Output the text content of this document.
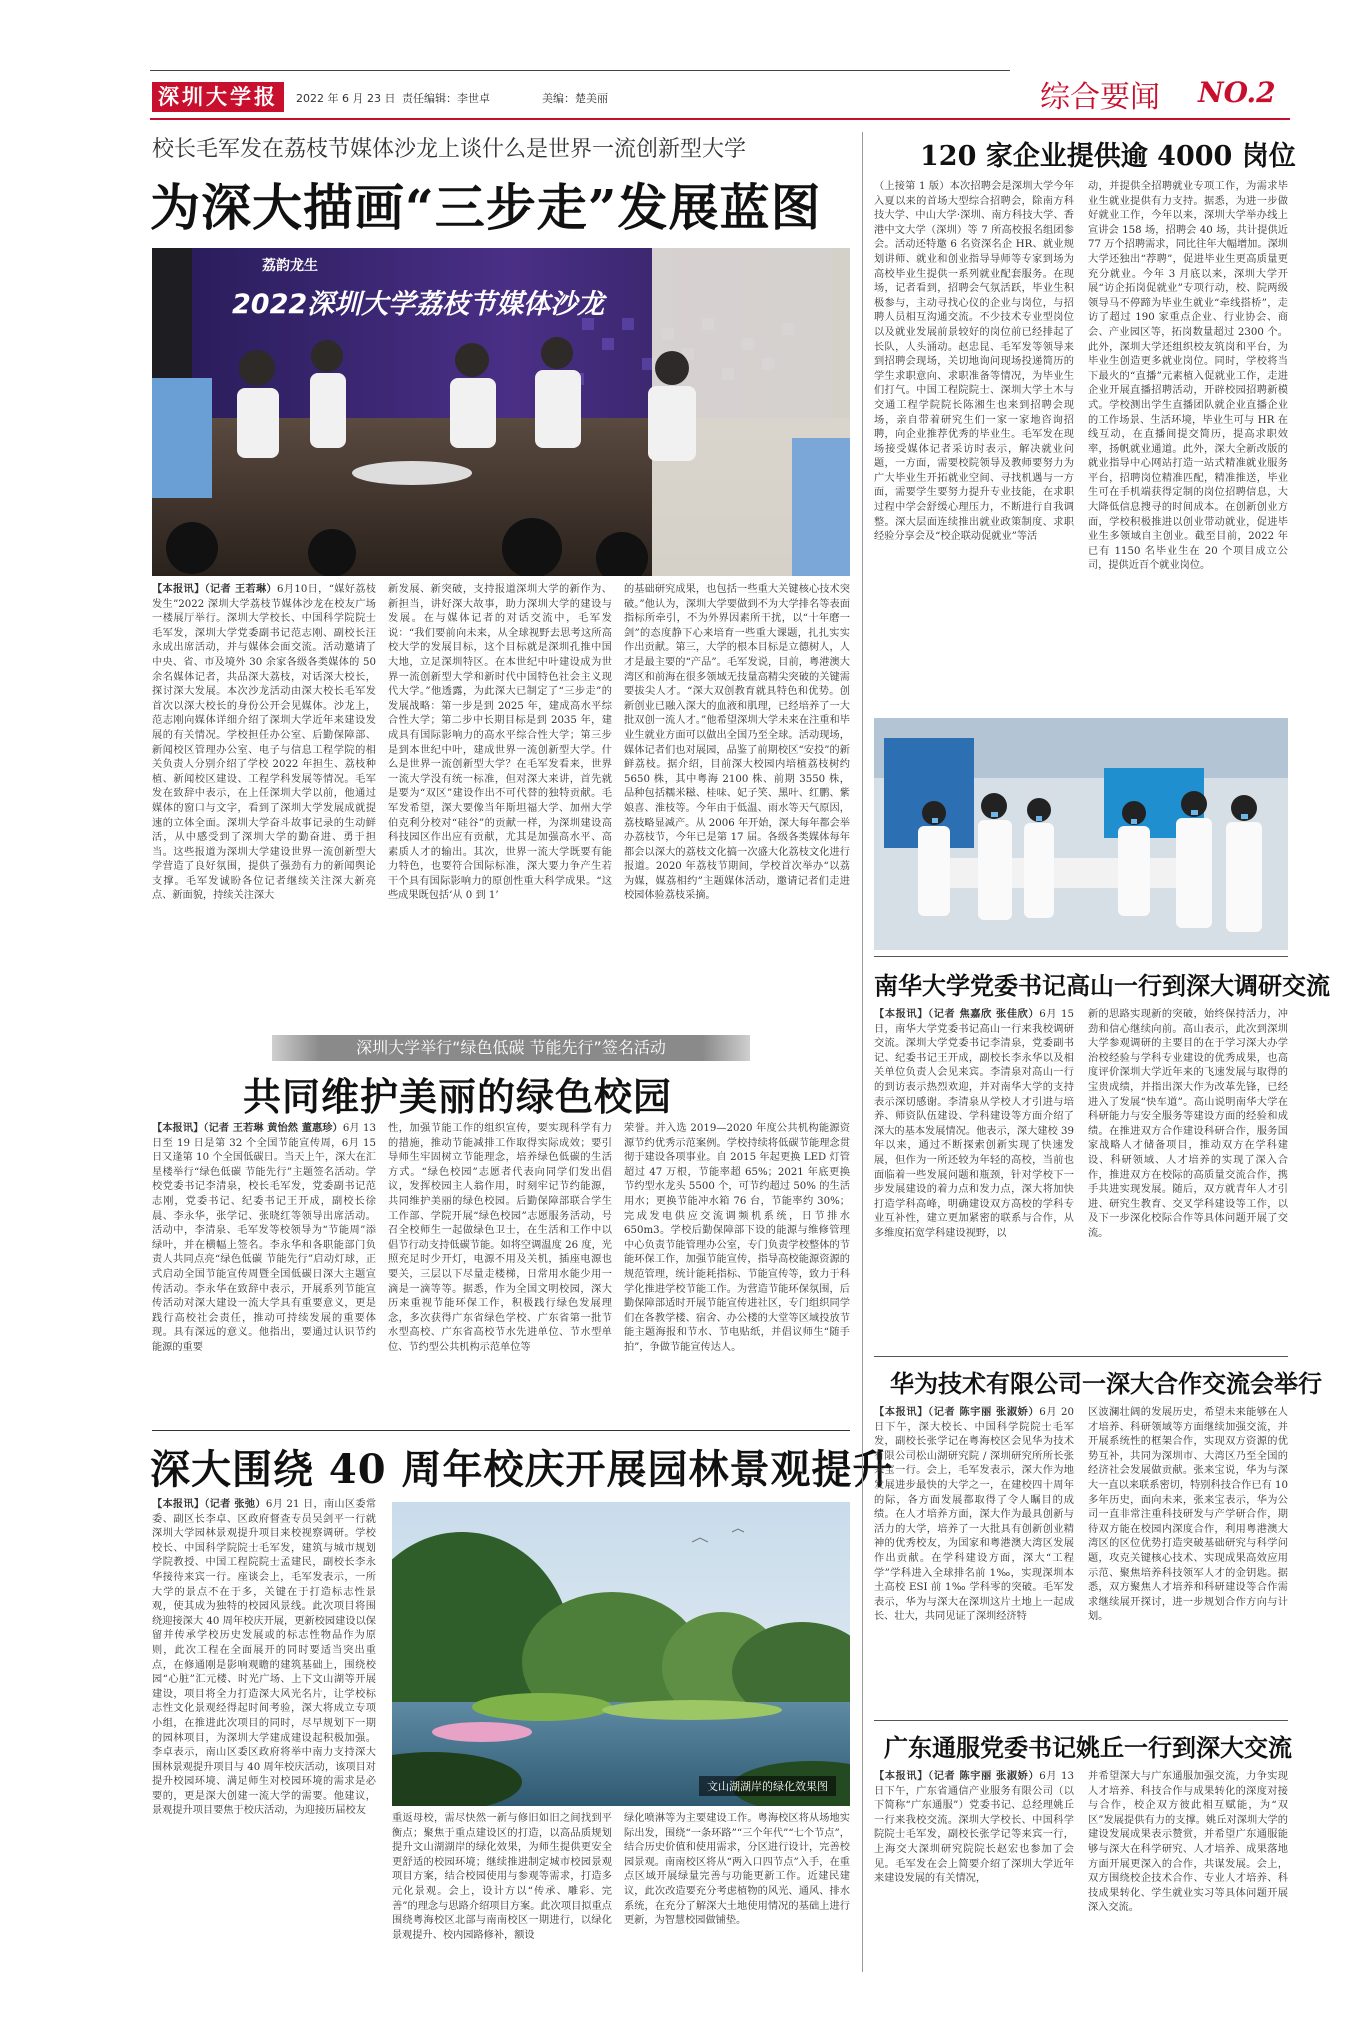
深圳大学报	2022 年 6 月 23 日 责任编辑：李世卓	美编：楚美丽	综合要闻 NO.2
校长毛军发在荔枝节媒体沙龙上谈什么是世界一流创新型大学
为深大描画“三步走”发展蓝图
2022深圳大学荔枝节媒体沙龙
荔韵龙生
【本报讯】（记者 王若琳）6月10日，“媒好荔枝发生”2022 深圳大学荔枝节媒体沙龙在校友广场一楼展厅举行。深圳大学校长、中国科学院院士毛军发，深圳大学党委副书记范志刚、副校长汪永成出席活动，并与媒体会面交流。活动邀请了中央、省、市及境外 30 余家各级各类媒体的 50 余名媒体记者，共品深大荔枝，对话深大校长，探讨深大发展。本次沙龙活动由深大校长毛军发首次以深大校长的身份公开会见媒体。沙龙上，范志刚向媒体详细介绍了深圳大学近年来建设发展的有关情况。学校担任办公室、后勤保障部、新闻校区管理办公室、电子与信息工程学院的相关负责人分别介绍了学校 2022 年担生、荔枝种植、新闻校区建设、工程学科发展等情况。毛军发在致辞中表示，在上任深圳大学以前，他通过媒体的窗口与文字，看到了深圳大学发展成就提速的立体全面。深圳大学奋斗故事记录的生动鲜活，从中感受到了深圳大学的勤奋进、勇于担当。这些报道为深圳大学建设世界一流创新型大学营造了良好氛围，提供了强劲有力的新闻舆论支撑。毛军发诚盼各位记者继续关注深大新亮点、新面貌，持续关注深大
新发展、新突破，支持报道深圳大学的新作为、新担当，讲好深大故事，助力深圳大学的建设与发展。在与媒体记者的对话交流中，毛军发说：“我们要前向未来，从全球视野去思考这所高校大学的发展目标，这个目标就是深圳孔推中国大地，立足深圳特区。在本世纪中叶建设成为世界一流创新型大学和新时代中国特色社会主义现代大学。”他透露，为此深大已制定了“三步走”的发展战略：第一步是到 2025 年，建成高水平综合性大学；第二步中长期目标是到 2035 年，建成具有国际影响力的高水平综合性大学；第三步是到本世纪中叶，建成世界一流创新型大学。什么是世界一流创新型大学？在毛军发看来，世界一流大学没有统一标准，但对深大来讲，首先就是要为“双区”建设作出不可代替的独特贡献。毛军发希望，深大要像当年斯坦福大学、加州大学伯克利分校对“硅谷”的贡献一样，为深圳建设高科技园区作出应有贡献，尤其是加强高水平、高素质人才的输出。其次，世界一流大学既要有能力特色，也要符合国际标准，深大要力争产生若干个具有国际影响力的原创性重大科学成果。“这些成果既包括‘从 0 到 1’
的基础研究成果，也包括一些重大关键核心技术突破。”他认为，深圳大学要做到不为大学排名等表面指标所牵引，不为外界因素所干扰，以“十年磨一剑”的态度静下心来培育一些重大课题，扎扎实实作出贡献。第三，大学的根本目标是立德树人，人才是最主要的“产品”。毛军发说，目前，粤港澳大湾区和前海在很多领域无技量高精尖突破的关键需要拔尖人才。“深大双创教育就具特色和优势。创新创业已融入深大的血液和肌理，已经培养了一大批双创一流人才。”他希望深圳大学未来在注重和毕业生就业方面可以做出全国乃至全球。活动现场，媒体记者们也对展园，品鉴了前期校区“安投”的新鲜荔枝。据介绍，目前深大校园内培植荔枝树约 5650 株，其中粤海 2100 株、前期 3550 株，品种包括糯米糍、桂味、妃子笑、黑叶、红鹏、紫娘喜、淮枝等。今年由于低温、雨水等天气原因，荔枝略显减产。从 2006 年开始，深大每年都会举办荔枝节，今年已是第 17 届。各级各类媒体每年都会以深大的荔枝文化搞一次盛大化荔枝文化进行报道。2020 年荔枝节期间，学校首次举办“以荔为媒，媒荔相约”主题媒体活动，邀请记者们走进校园体验荔枝采摘。
深圳大学举行“绿色低碳 节能先行”签名活动
共同维护美丽的绿色校园
【本报讯】（记者 王若琳 黄怡然 董惠珍）6月 13 日至 19 日是第 32 个全国节能宣传周，6月 15 日又逢第 10 个全国低碳日。当天上午，深大在汇星楼举行“绿色低碳 节能先行”主题签名活动。学校党委书记李清泉，校长毛军发，党委副书记范志刚，党委书记、纪委书记王开成，副校长徐晨、李永华，张学记、张晓红等领导出席活动。活动中，李清泉、毛军发等校领导为“节能周”添绿叶，并在横幅上签名。李永华和各职能部门负责人共同点亮“绿色低碳 节能先行”启动灯球，正式启动全国节能宣传周暨全国低碳日深大主题宣传活动。李永华在致辞中表示，开展系列节能宣传活动对深大建设一流大学具有重要意义，更是践行高校社会责任，推动可持续发展的重要体现。具有深远的意义。他指出，要通过认识节约能源的重要
性，加强节能工作的组织宣传，要实现科学有力的措施，推动节能减排工作取得实际成效；要引导师生牢固树立节能理念，培养绿色低碳的生活方式。“绿色校园”志愿者代表向同学们发出倡议，发挥校园主人翁作用，时刻牢记节约能源，共同维护美丽的绿色校园。后勤保障部联合学生工作部、学院开展“绿色校园”志愿服务活动，号召全校师生一起做绿色卫士，在生活和工作中以倡节行动支持低碳节能。如将空调温度 26 度，光照充足时少开灯，电源不用及关机，插座电源也要关，三层以下尽量走楼梯，日常用水能少用一滴是一滴等等。据悉，作为全国文明校园，深大历来重视节能环保工作，积极践行绿色发展理念，多次获得广东省绿色学校、广东省第一批节水型高校、广东省高校节水先进单位、节水型单位、节约型公共机构示范单位等
荣誉。并入选 2019—2020 年度公共机构能源资源节约优秀示范案例。学校持续将低碳节能理念贯彻于建设各项事业。自 2015 年起更换 LED 灯管超过 47 万根，节能率超 65%；2021 年底更换节约型水龙头 5500 个，可节约超过 50% 的生活用水；更换节能冲水箱 76 台，节能率约 30%；完成发电供应交流调频机系统，日节排水 650m3。学校后勤保障部下设的能源与维修管理中心负责节能管理办公室，专门负责学校整体的节能环保工作，加强节能宣传，指导高校能源资源的规范管理，统计能耗指标、节能宣传等，致力于科学化推进学校节能工作。为营造节能环保氛围，后勤保障部适时开展节能宣传进社区，专门组织同学们在各教学楼、宿舍、办公楼的大堂等区域投放节能主题海报和节水、节电贴纸，并倡议师生“随手拍”，争做节能宣传达人。
深大围绕 40 周年校庆开展园林景观提升
【本报讯】（记者 张弛）6月 21 日，南山区委常委、副区长李卓、区政府督查专员吴剑平一行就深圳大学园林景观提升项目来校视察调研。学校校长、中国科学院院士毛军发，建筑与城市规划学院教授、中国工程院院士孟建民，副校长李永华接待来宾一行。座谈会上，毛军发表示，一所大学的景点不在于多，关键在于打造标志性景观，使其成为独特的校园风景线。此次项目将围绕迎接深大 40 周年校庆开展，更新校园建设以保留并传承学校历史发展或的标志性物品作为原则，此次工程在全面展开的同时要适当突出重点，在修通刚是影响观瞻的建筑基础上，围绕校园“心脏”汇元楼、时光广场、上下文山湖等开展建设，项目将全力打造深大风光名片，让学校标志性文化景观经得起时间考验，深大将成立专项小组，在推进此次项目的同时，尽早规划下一期的园林项目，为深圳大学建成建设起积极加强。李卓表示，南山区委区政府将举中南力支持深大围林景观提升项目与 40 周年校庆活动，该项目对提升校园环境、满足师生对校园环境的需求是必要的，更是深大创建一流大学的需要。他建议，景观提升项目要焦于校庆活动，为迎接历届校友
文山湖湖岸的绿化效果图
重返母校，需尽快然一新与修旧如旧之间找到平衡点；聚焦于重点建设区的打造，以高品质规划提升文山湖湖岸的绿化效果，为师生提供更安全更舒适的校园环境；继续推进制定城市校园景观项目方案，结合校园使用与参观等需求，打造多元化景观。会上，设计方以“传承、雕彩、完善”的理念与思路介绍项目方案。此次项目拟重点围绕粤海校区北部与南南校区一期进行，以绿化景观提升、校内园路修补，额设
绿化喷淋等为主要建设工作。粤海校区将从场地实际出发，围绕“一条环路”“三个年代”“七个节点”，结合历史价值和使用需求，分区进行设计，完善校园景观。南南校区将从“两入口四节点”入手，在重点区域开展绿量完善与功能更新工作。近建民建议，此次改造要充分考虑植物的风光、通风、排水系统，在充分了解深大土地使用情况的基础上进行更新，为智慧校园做铺垫。
120 家企业提供逾 4000 岗位
（上接第 1 版）本次招聘会是深圳大学今年入夏以来的首场大型综合招聘会，除南方科技大学、中山大学·深圳、南方科技大学、香港中文大学（深圳）等 7 所高校报名组团参会。活动还特邀 6 名资深名企 HR、就业规划讲师、就业和创业指导导师等专家到场为高校毕业生提供一系列就业配套服务。在现场，记者看到，招聘会气氛活跃，毕业生积极参与，主动寻找心仪的企业与岗位，与招聘人员相互沟通交流。不少技术专业型岗位以及就业发展前景较好的岗位前已经排起了长队，人头涌动。赵忠昆、毛军发等领导来到招聘会现场，关切地询问现场投递简历的学生求职意向、求职准备等情况，为毕业生们打气。中国工程院院士、深圳大学土木与交通工程学院院长陈湘生也来到招聘会现场，亲自带着研究生们一家一家地咨询招聘，向企业推荐优秀的毕业生。毛军发在现场接受媒体记者采访时表示，解决就业问题，一方面，需要校院领导及教师要努力为广大毕业生开拓就业空间、寻找机遇与一方面，需要学生要努力提升专业技能，在求职过程中学会舒缓心理压力，不断进行自我调整。深大层面连续推出就业政策制度、求职经验分享会及“校企联动促就业”等活
动，并提供全招聘就业专项工作，为需求毕业生就业提供有力支持。据悉，为进一步做好就业工作，今年以来，深圳大学举办线上宣讲会 158 场，招聘会 40 场，共计提供近 77 万个招聘需求，同比往年大幅增加。深圳大学还独出“荐聘”，促进毕业生更高质量更充分就业。今年 3 月底以来，深圳大学开展“访企拓岗促就业”专项行动，校、院两级领导马不停蹄为毕业生就业“牵线搭桥”，走访了超过 190 家重点企业、行业协会、商会、产业园区等，拓岗数量超过 2300 个。此外，深圳大学还组织校友筑岗和平台，为毕业生创造更多就业岗位。同时，学校将当下最火的“直播”元素植入促就业工作，走进企业开展直播招聘活动，开辟校园招聘新模式。学校测出学生直播团队就企业直播企业的工作场景、生活环境，毕业生可与 HR 在线互动，在直播间提交简历，提高求职效率，扬帆就业通道。此外，深大全新改版的就业指导中心网站打造一站式精准就业服务平台，招聘岗位精准匹配，精准推送，毕业生可在手机端获得定制的岗位招聘信息，大大降低信息搜寻的时间成本。在创新创业方面，学校积极推进以创业带动就业，促进毕业生多领域自主创业。截至目前，2022 年已有 1150 名毕业生在 20 个项目成立公司，提供近百个就业岗位。
南华大学党委书记高山一行到深大调研交流
【本报讯】（记者 焦嘉欣 张佳欣）6月 15 日，南华大学党委书记高山一行来我校调研交流。深圳大学党委书记李清泉，党委副书记、纪委书记王开成，副校长李永华以及相关单位负责人会见来宾。李清泉对高山一行的到访表示热烈欢迎，并对南华大学的支持表示深切感谢。李清泉从学校人才引进与培养、师资队伍建设、学科建设等方面介绍了深大的基本发展情况。他表示，深大建校 39 年以来，通过不断探索创新实现了快速发展，但作为一所还较为年轻的高校，当前也面临着一些发展问题和瓶颈，针对学校下一步发展建设的着力点和发力点，深大将加快打造学科高峰，明确建设双方高校的学科专业互补性，建立更加紧密的联系与合作，从多维度拓宽学科建设视野，以
新的思路实现新的突破，始终保持活力，冲劲和信心继续向前。高山表示，此次到深圳大学参观调研的主要目的在于学习深大办学治校经验与学科专业建设的优秀成果，也高度评价深圳大学近年来的飞速发展与取得的宝贵成绩，并指出深大作为改革先锋，已经进入了发展“快车道”。高山说明南华大学在科研能力与安全服务等建设方面的经验和成绩。在推进双方合作建设科研合作，服务国家战略人才储备项目，推动双方在学科建设、科研领域、人才培养的实现了深入合作，推进双方在校际的高质量交流合作，携手共进实现发展。随后，双方就青年人才引进、研究生教育、交叉学科建设等工作，以及下一步深化校际合作等具体问题开展了交流。
华为技术有限公司一深大合作交流会举行
【本报讯】（记者 陈宇丽 张淑娇）6月 20 日下午，深大校长、中国科学院院士毛军发，副校长张学记在粤海校区会见华为技术有限公司松山湖研究院 / 深圳研究所所长张来宝一行。会上，毛军发表示，深大作为地发展进步最快的大学之一，在建校四十周年的际，各方面发展都取得了令人瞩目的成绩。在人才培养方面，深大作为最具创新与活力的大学，培养了一大批具有创新创业精神的优秀校友，为国家和粤港澳大湾区发展作出贡献。在学科建设方面，深大“工程学”学科进入全球排名前 1‰，实现深圳本土高校 ESI 前 1‰ 学科零的突破。毛军发表示，华为与深大在深圳这片土地上一起成长、壮大，共同见证了深圳经济特
区波澜壮阔的发展历史，希望未来能够在人才培养、科研领域等方面继续加强交流，并开展系统性的框架合作，实现双方资源的优势互补，共同为深圳市、大湾区乃至全国的经济社会发展做贡献。张来宝说，华为与深大一直以来联系密切，特别科技合作已有 10 多年历史，面向未来，张来宝表示，华为公司一直非常注重科技研发与产学研合作，期待双方能在校园内深度合作，利用粤港澳大湾区的区位优势打造突破基础研究与科学问题，攻克关键核心技术、实现成果高效应用示范、聚焦培养科技领军人才的金钥匙。据悉，双方聚焦人才培养和科研建设等合作需求继续展开探讨，进一步规划合作方向与计划。
广东通服党委书记姚丘一行到深大交流
【本报讯】（记者 陈宇丽 张淑娇）6月 13 日下午，广东省通信产业服务有限公司（以下简称“广东通服”）党委书记、总经理姚丘一行来我校交流。深圳大学校长、中国科学院院士毛军发，副校长张学记等来宾一行，上海交大深圳研究院院长赵宏也参加了会见。毛军发在会上简要介绍了深圳大学近年来建设发展的有关情况，
并希望深大与广东通服加强交流，力争实现人才培养、科技合作与成果转化的深度对接与合作，校企双方彼此相互赋能，为“双区”发展提供有力的支撑。姚丘对深圳大学的建设发展成果表示赞赏，并希望广东通服能够与深大在科学研究、人才培养、成果落地方面开展更深入的合作，共谋发展。会上，双方围绕校企技术合作、专业人才培养、科技成果转化、学生就业实习等具体问题开展深入交流。
